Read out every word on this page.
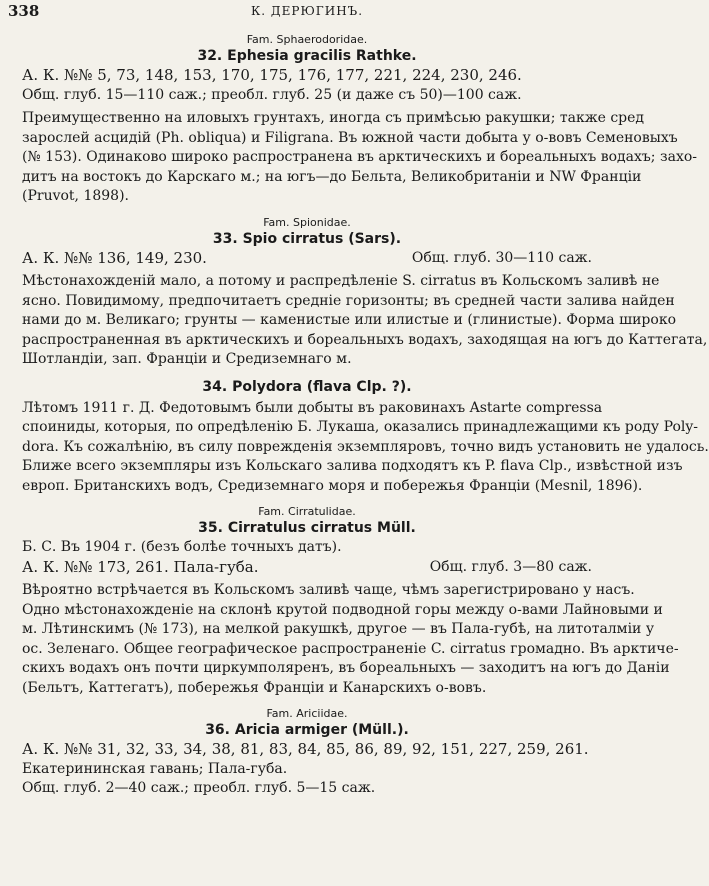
338	К. ДЕРЮГИНЪ.
Fam. Sphaerodoridae.
32. Ephesia gracilis Rathke.
А. К. №№ 5, 73, 148, 153, 170, 175, 176, 177, 221, 224, 230, 246.
Общ. глуб. 15—110 саж.; преобл. глуб. 25 (и даже съ 50)—100 саж.
Преимущественно на иловыхъ грунтахъ, иногда съ примѣсью ракушки; также сред
зарослей асцидій (Ph. obliqua) и Filigrana. Въ южной части добыта у о-вовъ Семеновыхъ
(№ 153). Одинаково широко распространена въ арктическихъ и бореальныхъ водахъ; захо-
дитъ на востокъ до Карскаго м.; на югъ—до Бельта, Великобританіи и NW Франціи
(Pruvot, 1898).
Fam. Spionidae.
33. Spio cirratus (Sars).
А. К. №№ 136, 149, 230.	Общ. глуб. 30—110 саж.
Мѣстонахожденій мало, а потому и распредѣленіе S. cirratus въ Кольскомъ заливѣ не
ясно. Повидимому, предпочитаетъ средніе горизонты; въ средней части залива найден
нами до м. Великаго; грунты — каменистые или илистые и (глинистые). Форма широко
распространенная въ арктическихъ и бореальныхъ водахъ, заходящая на югъ до Каттегата,
Шотландіи, зап. Франціи и Средиземнаго м.
34. Polydora (flava Clp. ?).
Лѣтомъ 1911 г. Д. Федотовымъ были добыты въ раковинахъ Astarte compressa
споиниды, которыя, по опредѣленію Б. Лукаша, оказались принадлежащими къ роду Poly-
dora. Къ сожалѣнію, въ силу поврежденія экземпляровъ, точно видъ установить не удалось.
Ближе всего экземпляры изъ Кольскаго залива подходятъ къ P. flava Clp., извѣстной изъ
европ. Британскихъ водъ, Средиземнаго моря и побережья Франціи (Mesnil, 1896).
Fam. Cirratulidae.
35. Cirratulus cirratus Müll.
Б. С. Въ 1904 г. (безъ болѣе точныхъ датъ).
А. К. №№ 173, 261. Пала-губа.	Общ. глуб. 3—80 саж.
Вѣроятно встрѣчается въ Кольскомъ заливѣ чаще, чѣмъ зарегистрировано у насъ.
Одно мѣстонахожденіе на склонѣ крутой подводной горы между о-вами Лайновыми и
м. Лѣтинскимъ (№ 173), на мелкой ракушкѣ, другое — въ Пала-губѣ, на литоталміи у
ос. Зеленаго. Общее географическое распространеніе C. cirratus громадно. Въ арктиче-
скихъ водахъ онъ почти циркумполяренъ, въ бореальныхъ — заходитъ на югъ до Даніи
(Бельтъ, Каттегатъ), побережья Франціи и Канарскихъ о-вовъ.
Fam. Ariciidae.
36. Aricia armiger (Müll.).
А. К. №№ 31, 32, 33, 34, 38, 81, 83, 84, 85, 86, 89, 92, 151, 227, 259, 261.
Екатерининская гавань; Пала-губа.
Общ. глуб. 2—40 саж.; преобл. глуб. 5—15 саж.
